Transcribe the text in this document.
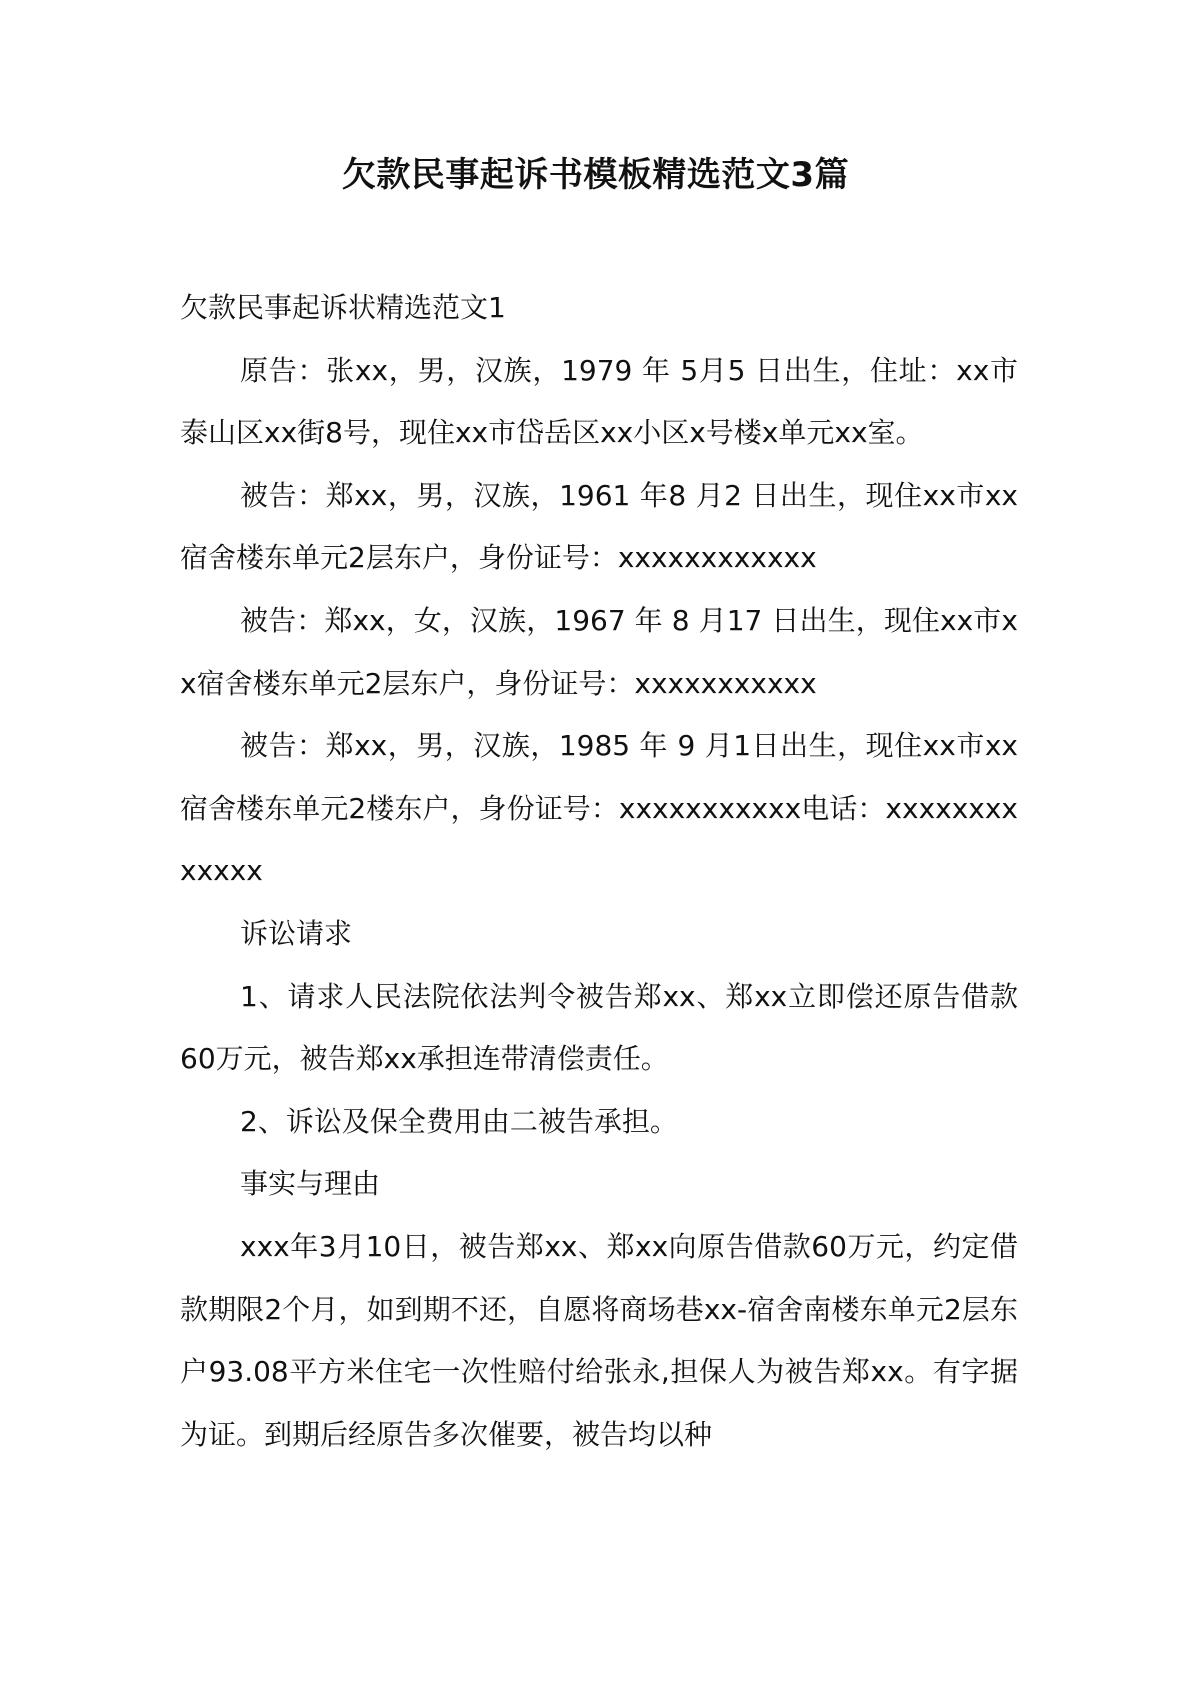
欠款民事起诉书模板精选范文3篇

欠款民事起诉状精选范文1

原告：张xx，男，汉族，1979 年 5月5 日出生，住址：xx市泰山区xx街8号，现住xx市岱岳区xx小区x号楼x单元xx室。

被告：郑xx，男，汉族，1961 年8 月2 日出生，现住xx市xx宿舍楼东单元2层东户，身份证号：xxxxxxxxxxxx

被告：郑xx，女，汉族，1967 年 8 月17 日出生，现住xx市xx宿舍楼东单元2层东户，身份证号：xxxxxxxxxxx

被告：郑xx，男，汉族，1985 年 9 月1日出生，现住xx市xx宿舍楼东单元2楼东户，身份证号：xxxxxxxxxxx电话：xxxxxxxxxxxxx

诉讼请求

1、请求人民法院依法判令被告郑xx、郑xx立即偿还原告借款 60万元，被告郑xx承担连带清偿责任。

2、诉讼及保全费用由二被告承担。

事实与理由

xxx年3月10日，被告郑xx、郑xx向原告借款60万元，约定借款期限2个月，如到期不还，自愿将商场巷xx-宿舍南楼东单元2层东户93.08平方米住宅一次性赔付给张永,担保人为被告郑xx。有字据为证。到期后经原告多次催要，被告均以种
